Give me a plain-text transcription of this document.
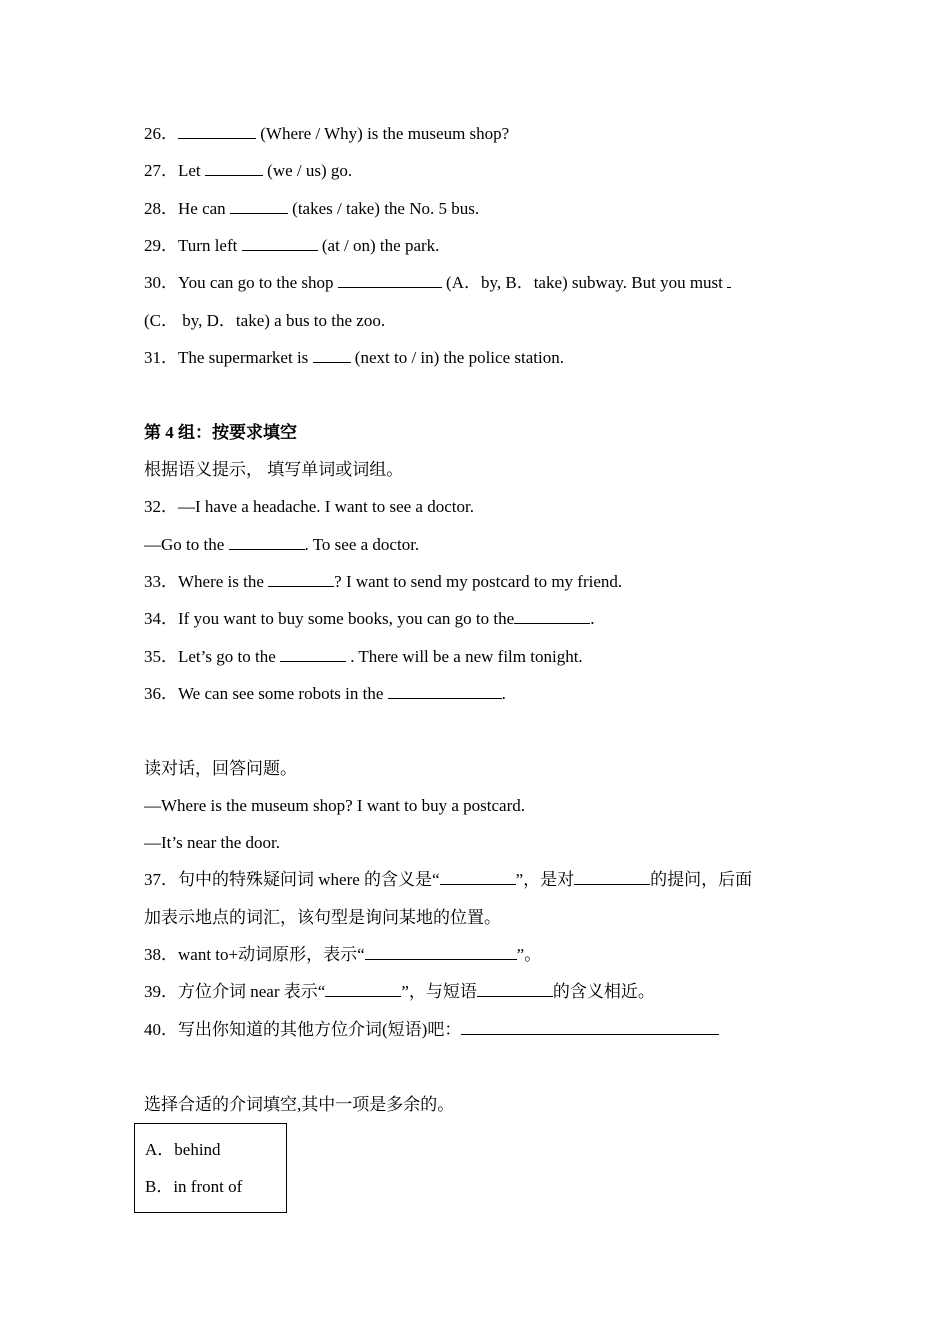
26．	(Where / Why) is the museum shop?
27．Let	(we / us) go.
28．He can	(takes / take) the No. 5 bus.
29．Turn left	(at / on) the park.
30．You can go to the shop	(A．by, B．take) subway. But you must
(C． by, D．take) a bus to the zoo.
31．The supermarket is  (next to / in) the police station.
第 4 组：按要求填空
根据语义提示， 填写单词或词组。
32．—I have a headache. I want to see a doctor.
—Go to the	. To see a doctor.
33．Where is the	? I want to send my postcard to my friend.
34．If you want to buy some books, you can go to the	.
35．Let’s go to the	. There will be a new film tonight.
36．We can see some robots in the	.
读对话，回答问题。
—Where is the museum shop? I want to buy a postcard.
—It’s near the door.
37．句中的特殊疑问词 where 的含义是“	”，是对	的提问，后面
加表示地点的词汇，该句型是询问某地的位置。
38．want to+动词原形，表示“	”。
39．方位介词 near 表示“	”，与短语	的含义相近。
40．写出你知道的其他方位介词(短语)吧：
选择合适的介词填空,其中一项是多余的。
A．behind
B．in front of
